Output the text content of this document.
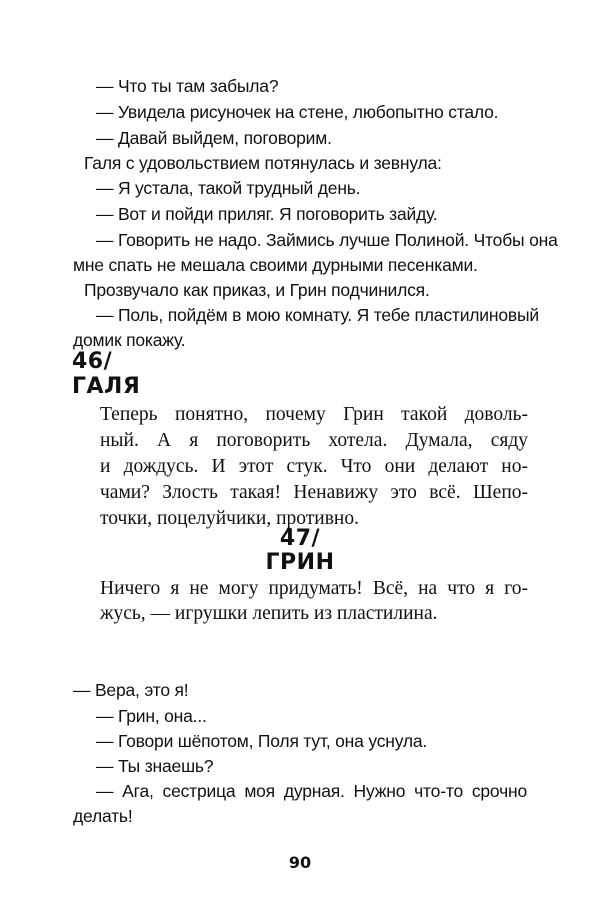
— Что ты там забыла?
— Увидела рисуночек на стене, любопытно стало.
— Давай выйдем, поговорим.
Галя с удовольствием потянулась и зевнула:
— Я устала, такой трудный день.
— Вот и пойди приляг. Я поговорить зайду.
— Говорить не надо. Займись лучше Полиной. Чтобы она
мне спать не мешала своими дурными песенками.
Прозвучало как приказ, и Грин подчинился.
— Поль, пойдём в мою комнату. Я тебе пластилиновый
домик покажу.
46/
ГАЛЯ
Теперь понятно, почему Грин такой доволь-
ный. А я поговорить хотела. Думала, сяду
и дождусь. И этот стук. Что они делают но-
чами? Злость такая! Ненавижу это всё. Шепо-
точки, поцелуйчики, противно.
47/
ГРИН
Ничего я не могу придумать! Всё, на что я го-
жусь, — игрушки лепить из пластилина.
— Вера, это я!
— Грин, она...
— Говори шёпотом, Поля тут, она уснула.
— Ты знаешь?
— Ага, сестрица моя дурная. Нужно что-то срочно
делать!
90
